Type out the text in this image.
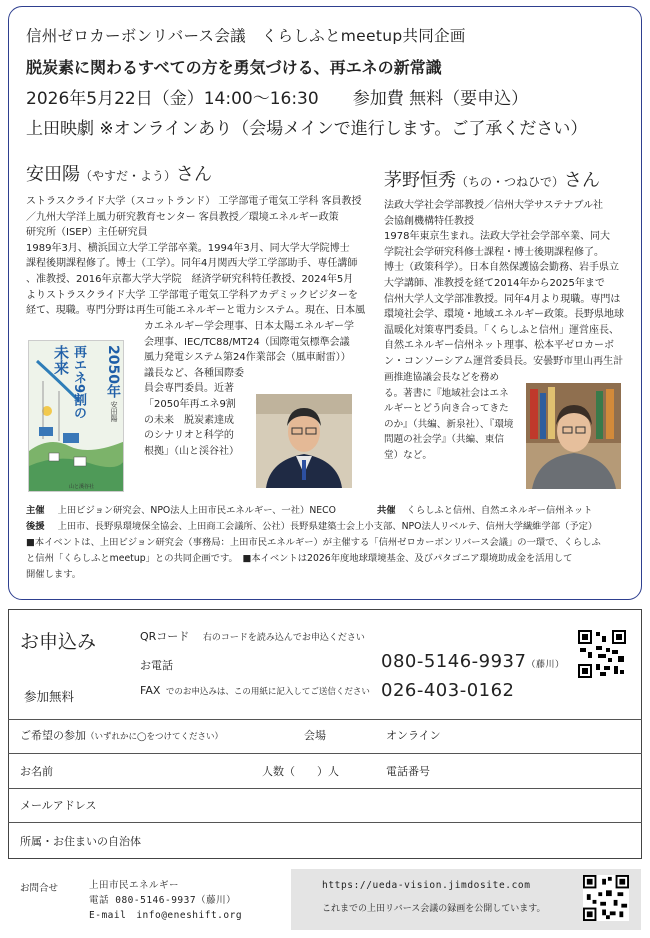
信州ゼロカーボンリバース会議　くらしふとmeetup共同企画
脱炭素に関わるすべての方を勇気づける、再エネの新常識
2026年5月22日（金）14:00〜16:30　　参加費 無料（要申込）
上田映劇 ※オンラインあり（会場メインで進行します。ご了承ください）
安田陽（やすだ・よう）さん
ストラスクライド大学（スコットランド） 工学部電子電気工学科 客員教授
／九州大学洋上風力研究教育センター 客員教授／環境エネルギー政策
研究所（ISEP）主任研究員
1989年3月、横浜国立大学工学部卒業。1994年3月、同大学大学院博士
課程後期課程修了。博士（工学）。同年4月関西大学工学部助手、専任講師
、准教授、2016年京都大学大学院　経済学研究科特任教授、2024年5月
よりストラスクライド大学 工学部電子電気工学科アカデミックビジターを
経て、現職。専門分野は再生可能エネルギーと電力システム。現在、日本風
カエネルギー学会理事、日本太陽エネルギー学
会理事、IEC/TC88/MT24（国際電気標準会議
風力発電システム第24作業部会（風車耐雷））
議長など、各種国際委
員会専門委員。近著
「2050年再エネ9割
の未来　脱炭素達成
のシナリオと科学的
根拠」（山と渓谷社）
2050年
再エネ9割の
未来
安田陽
山と溪谷社
茅野恒秀（ちの・つねひで）さん
法政大学社会学部教授／信州大学サステナブル社
会協創機構特任教授
1978年東京生まれ。法政大学社会学部卒業、同大
学院社会学研究科修士課程・博士後期課程修了。
博士（政策科学）。日本自然保護協会勤務、岩手県立
大学講師、准教授を経て2014年から2025年まで
信州大学人文学部准教授。同年4月より現職。専門は
環境社会学、環境・地域エネルギー政策。長野県地球
温暖化対策専門委員。「くらしふと信州」運営座長、
自然エネルギー信州ネット理事、松本平ゼロカーボ
ン・コンソーシアム運営委員長。安曇野市里山再生計
画推進協議会長などを務め
る。著書に『地域社会はエネ
ルギーとどう向き合ってきた
のか』（共編、新泉社）、『環境
問題の社会学』（共編、東信
堂）など。
主催 上田ビジョン研究会、NPO法人上田市民エネルギー、一社）NECO	共催 くらしふと信州、自然エネルギー信州ネット
後援 上田市、長野県環境保全協会、上田商工会議所、公社）長野県建築士会上小支部、NPO法人リベルテ、信州大学繊維学部（予定）
■本イベントは、上田ビジョン研究会（事務局：上田市民エネルギー）が主催する「信州ゼロカーボンリバース会議」の一環で、くらしふ
と信州「くらしふとmeetup」との共同企画です。　■本イベントは2026年度地球環境基金、及びパタゴニア環境助成金を活用して
開催します。
お申込み
参加無料
QRコード 右のコードを読み込んでお申込ください
お電話	080-5146-9937（藤川）
FAX でのお申込みは、この用紙に記入してご送信ください 026-403-0162
ご希望の参加（いずれかに◯をつけてください）	会場	オンライン
お名前	人数（　　）人	電話番号
メールアドレス
所属・お住まいの自治体
お問合せ	上田市民エネルギー
電話 080-5146-9937（藤川）
E-mail　info@eneshift.org
https://ueda-vision.jimdosite.com
これまでの上田リバース会議の録画を公開しています。
